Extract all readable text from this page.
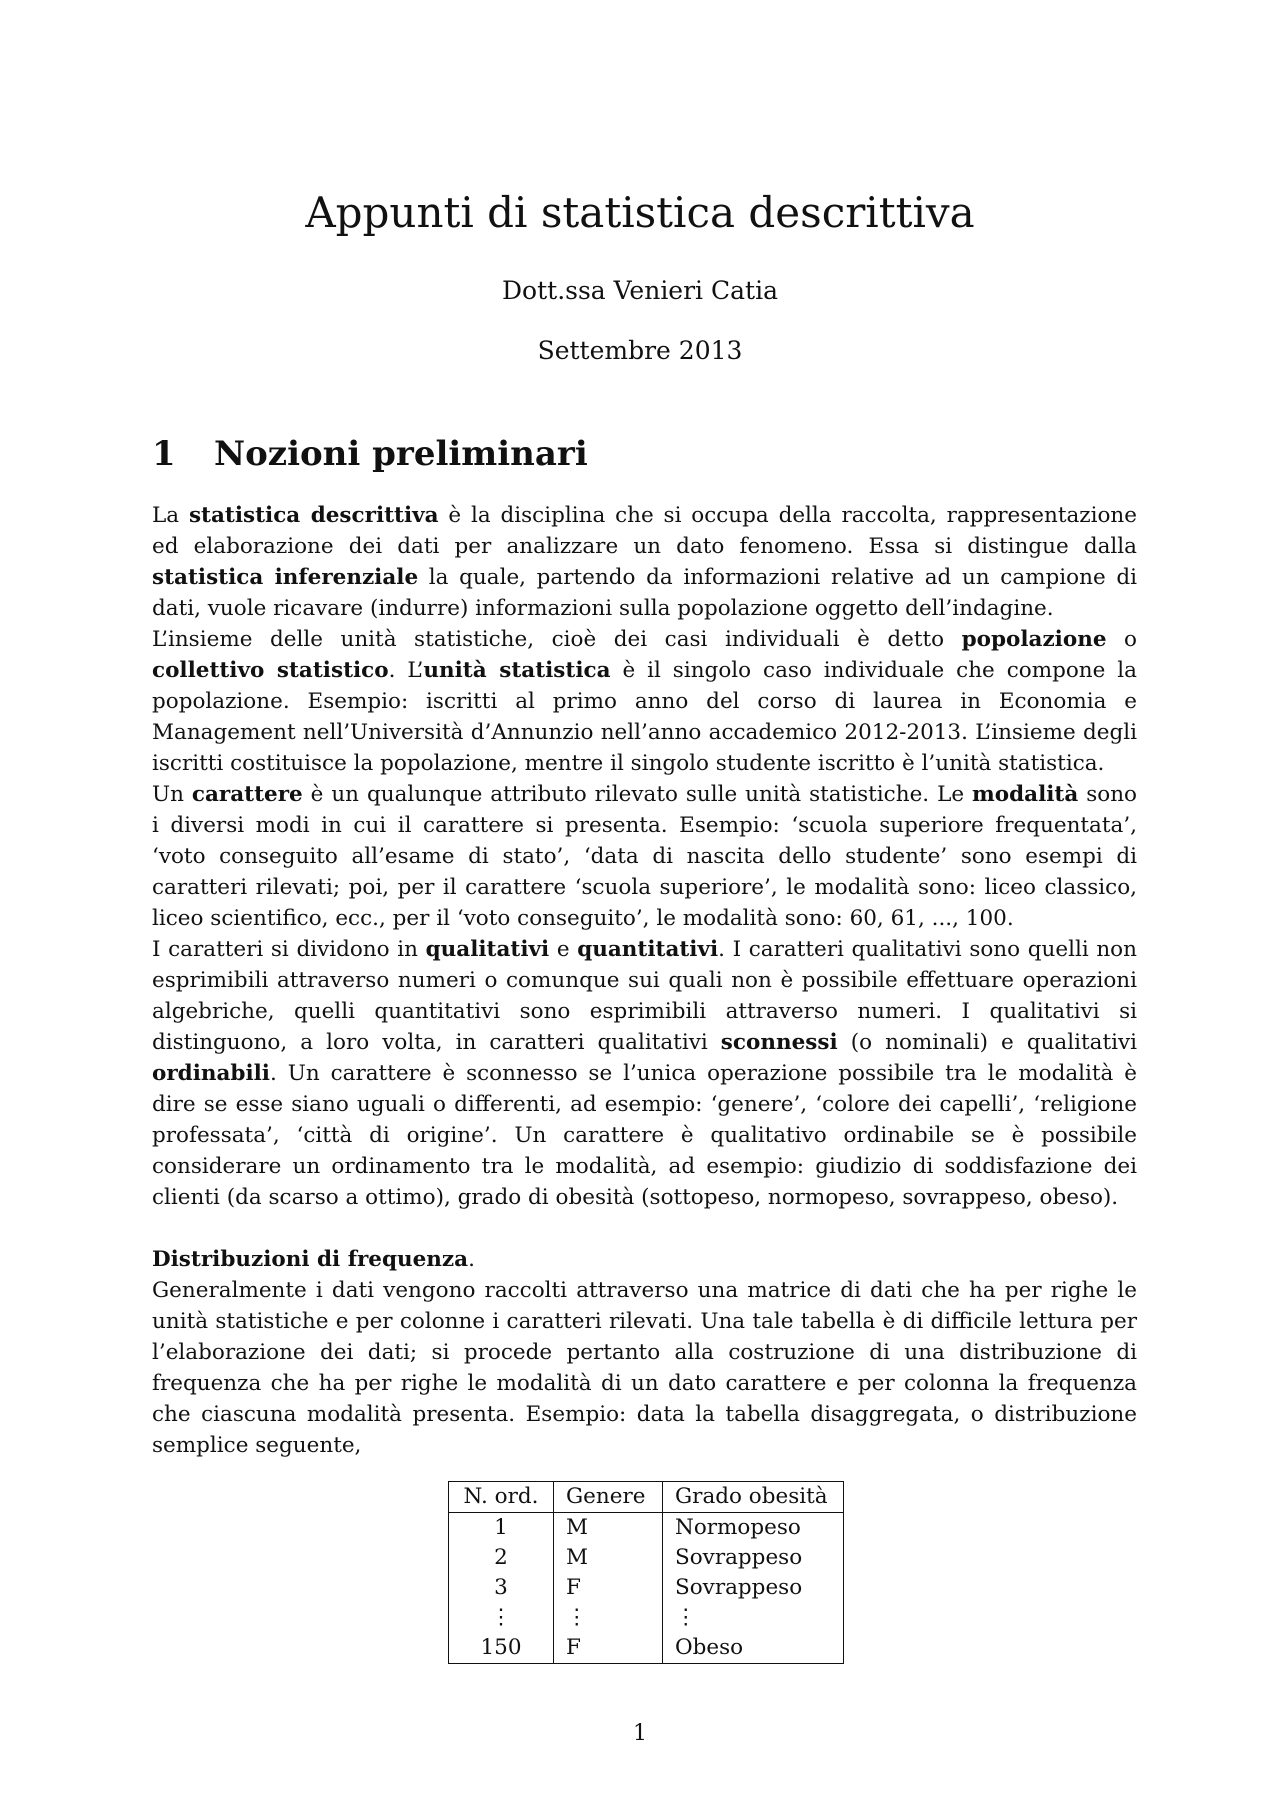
Appunti di statistica descrittiva
Dott.ssa Venieri Catia
Settembre 2013
1 Nozioni preliminari

La statistica descrittiva è la disciplina che si occupa della raccolta, rappresentazione ed elaborazione dei dati per analizzare un dato fenomeno. Essa si distingue dalla statistica inferenziale la quale, partendo da informazioni relative ad un campione di dati, vuole ricavare (indurre) informazioni sulla popolazione oggetto dell’indagine.

L’insieme delle unità statistiche, cioè dei casi individuali è detto popolazione o collettivo statistico. L’unità statistica è il singolo caso individuale che compone la popolazione. Esempio: iscritti al primo anno del corso di laurea in Economia e Management nell’Università d’Annunzio nell’anno accademico 2012-2013. L’insieme degli iscritti costituisce la popolazione, mentre il singolo studente iscritto è l’unità statistica.

Un carattere è un qualunque attributo rilevato sulle unità statistiche. Le modalità sono i diversi modi in cui il carattere si presenta. Esempio: ‘scuola superiore frequentata’, ‘voto conseguito all’esame di stato’, ‘data di nascita dello studente’ sono esempi di caratteri rilevati; poi, per il carattere ‘scuola superiore’, le modalità sono: liceo classico, liceo scientifico, ecc., per il ‘voto conseguito’, le modalità sono: 60, 61, ..., 100.

I caratteri si dividono in qualitativi e quantitativi. I caratteri qualitativi sono quelli non esprimibili attraverso numeri o comunque sui quali non è possibile effettuare operazioni algebriche, quelli quantitativi sono esprimibili attraverso numeri. I qualitativi si distinguono, a loro volta, in caratteri qualitativi sconnessi (o nominali) e qualitativi ordinabili. Un carattere è sconnesso se l’unica operazione possibile tra le modalità è dire se esse siano uguali o differenti, ad esempio: ‘genere’, ‘colore dei capelli’, ‘religione professata’, ‘città di origine’. Un carattere è qualitativo ordinabile se è possibile considerare un ordinamento tra le modalità, ad esempio: giudizio di soddisfazione dei clienti (da scarso a ottimo), grado di obesità (sottopeso, normopeso, sovrappeso, obeso).

Distribuzioni di frequenza.

Generalmente i dati vengono raccolti attraverso una matrice di dati che ha per righe le unità statistiche e per colonne i caratteri rilevati. Una tale tabella è di difficile lettura per l’elaborazione dei dati; si procede pertanto alla costruzione di una distribuzione di frequenza che ha per righe le modalità di un dato carattere e per colonna la frequenza che ciascuna modalità presenta. Esempio: data la tabella disaggregata, o distribuzione semplice seguente,

N. ord.	Genere	Grado obesità
1	M	Normopeso
2	M	Sovrappeso
3	F	Sovrappeso
⋮	⋮	⋮
150	F	Obeso
1
